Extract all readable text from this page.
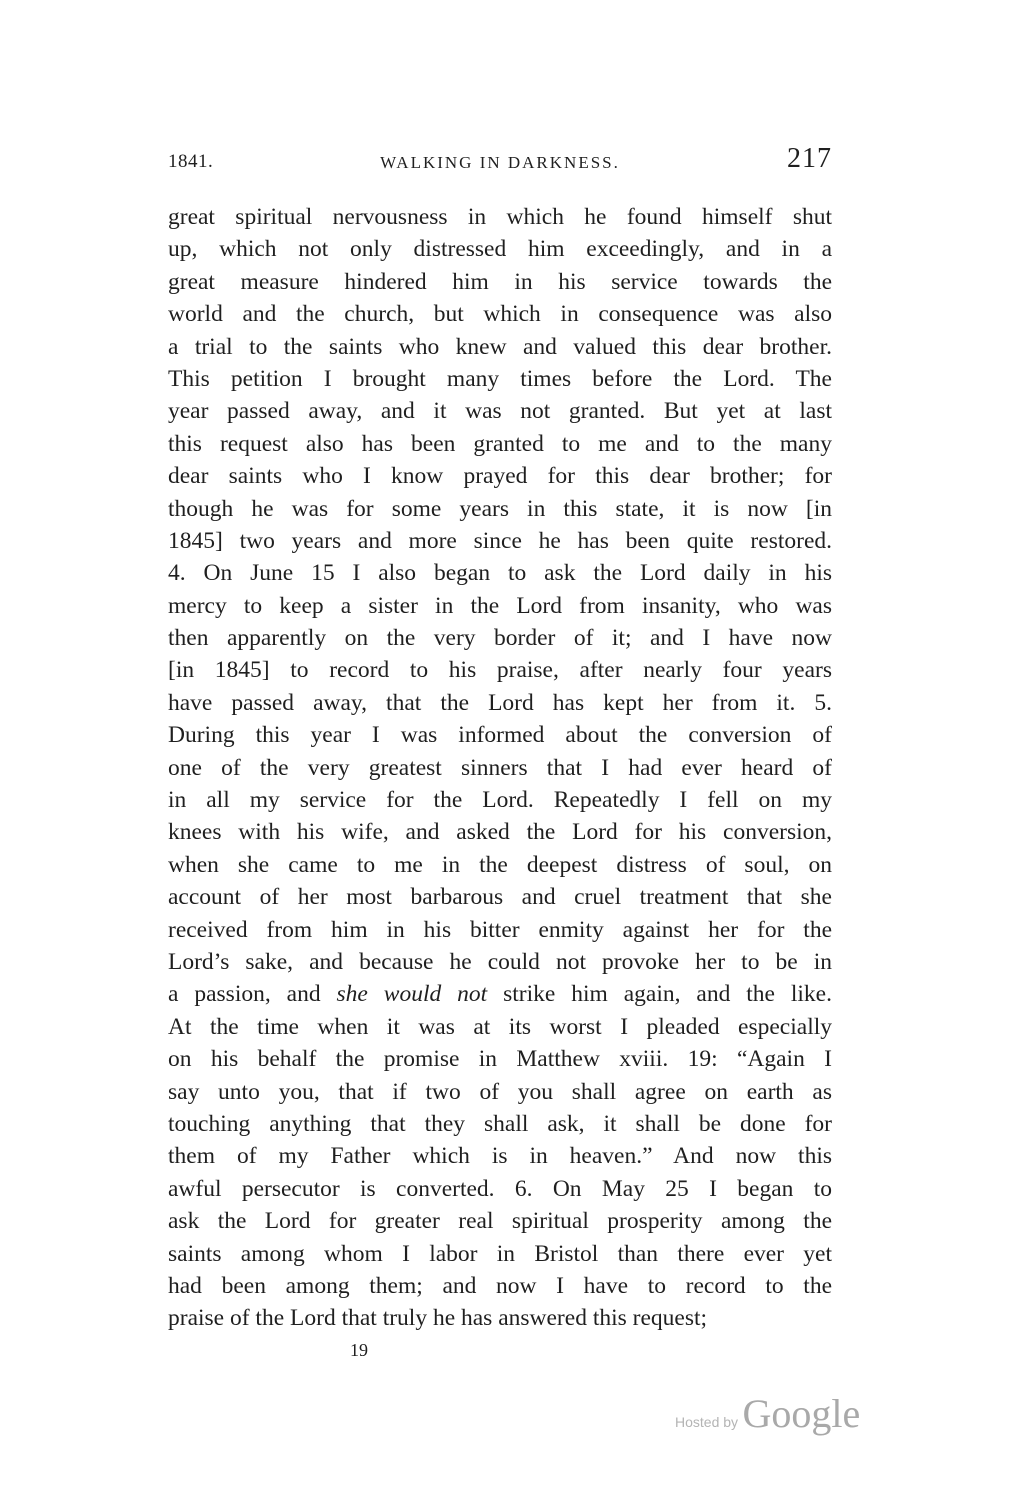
1841.	WALKING IN DARKNESS.	217
great spiritual nervousness in which he found himself shut
up, which not only distressed him exceedingly, and in a
great measure hindered him in his service towards the
world and the church, but which in consequence was also
a trial to the saints who knew and valued this dear brother.
This petition I brought many times before the Lord. The
year passed away, and it was not granted. But yet at last
this request also has been granted to me and to the many
dear saints who I know prayed for this dear brother; for
though he was for some years in this state, it is now [in
1845] two years and more since he has been quite restored.
4. On June 15 I also began to ask the Lord daily in his
mercy to keep a sister in the Lord from insanity, who was
then apparently on the very border of it; and I have now
[in 1845] to record to his praise, after nearly four years
have passed away, that the Lord has kept her from it. 5.
During this year I was informed about the conversion of
one of the very greatest sinners that I had ever heard of
in all my service for the Lord. Repeatedly I fell on my
knees with his wife, and asked the Lord for his conversion,
when she came to me in the deepest distress of soul, on
account of her most barbarous and cruel treatment that she
received from him in his bitter enmity against her for the
Lord’s sake, and because he could not provoke her to be in
a passion, and she would not strike him again, and the like.
At the time when it was at its worst I pleaded especially
on his behalf the promise in Matthew xviii. 19: “Again I
say unto you, that if two of you shall agree on earth as
touching anything that they shall ask, it shall be done for
them of my Father which is in heaven.” And now this
awful persecutor is converted. 6. On May 25 I began to
ask the Lord for greater real spiritual prosperity among the
saints among whom I labor in Bristol than there ever yet
had been among them; and now I have to record to the
praise of the Lord that truly he has answered this request;
19
Hosted by Google
